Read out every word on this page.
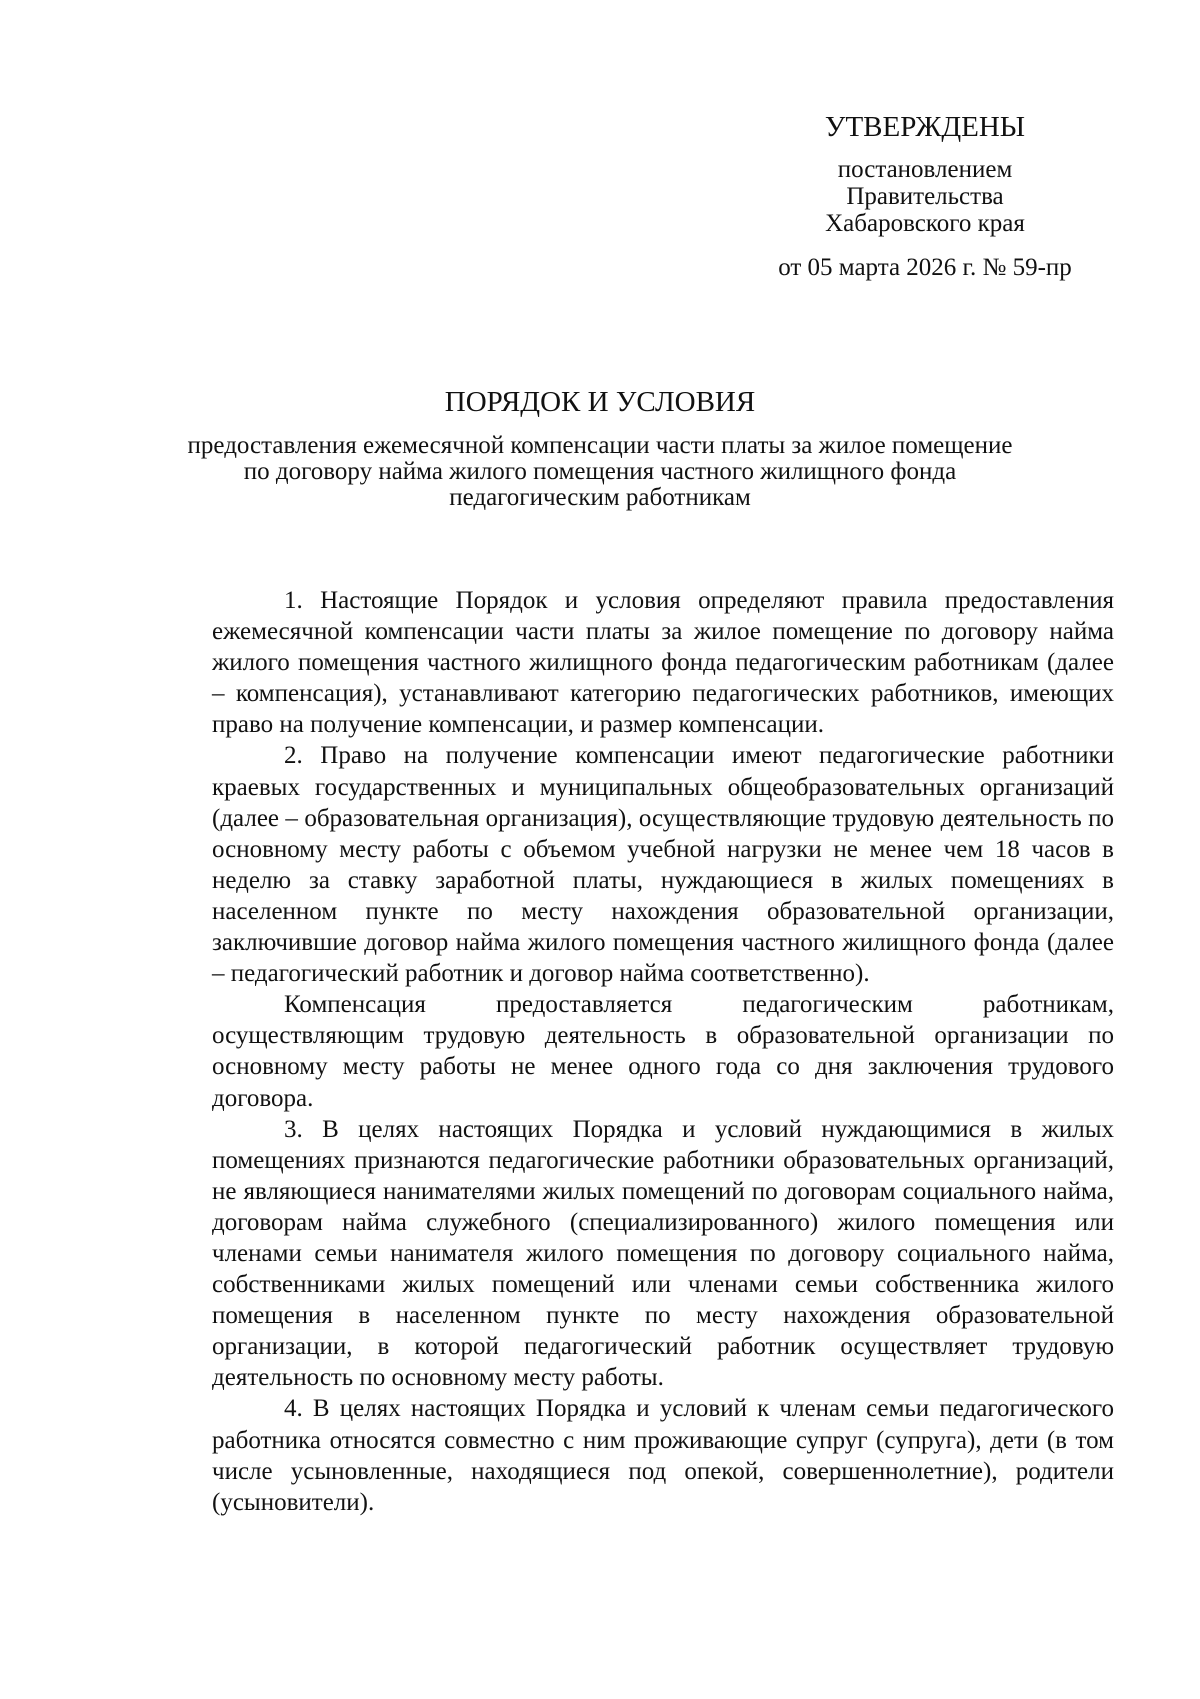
УТВЕРЖДЕНЫ
постановлением
Правительства
Хабаровского края
от 05 марта 2026 г. № 59-пр
ПОРЯДОК И УСЛОВИЯ
предоставления ежемесячной компенсации части платы за жилое помещение
по договору найма жилого помещения частного жилищного фонда
педагогическим работникам

1. Настоящие Порядок и условия определяют правила предоставления ежемесячной компенсации части платы за жилое помещение по договору найма жилого помещения частного жилищного фонда педагогическим работникам (далее – компенсация), устанавливают категорию педагогических работников, имеющих право на получение компенсации, и размер компенсации.

2. Право на получение компенсации имеют педагогические работники краевых государственных и муниципальных общеобразовательных организаций (далее – образовательная организация), осуществляющие трудовую деятельность по основному месту работы с объемом учебной нагрузки не менее чем 18 часов в неделю за ставку заработной платы, нуждающиеся в жилых помещениях в населенном пункте по месту нахождения образовательной организации, заключившие договор найма жилого помещения частного жилищного фонда (далее – педагогический работник и договор найма соответственно).

Компенсация предоставляется педагогическим работникам, осуществляющим трудовую деятельность в образовательной организации по основному месту работы не менее одного года со дня заключения трудового договора.

3. В целях настоящих Порядка и условий нуждающимися в жилых помещениях признаются педагогические работники образовательных организаций, не являющиеся нанимателями жилых помещений по договорам социального найма, договорам найма служебного (специализированного) жилого помещения или членами семьи нанимателя жилого помещения по договору социального найма, собственниками жилых помещений или членами семьи собственника жилого помещения в населенном пункте по месту нахождения образовательной организации, в которой педагогический работник осуществляет трудовую деятельность по основному месту работы.

4. В целях настоящих Порядка и условий к членам семьи педагогического работника относятся совместно с ним проживающие супруг (супруга), дети (в том числе усыновленные, находящиеся под опекой, совершеннолетние), родители (усыновители).
